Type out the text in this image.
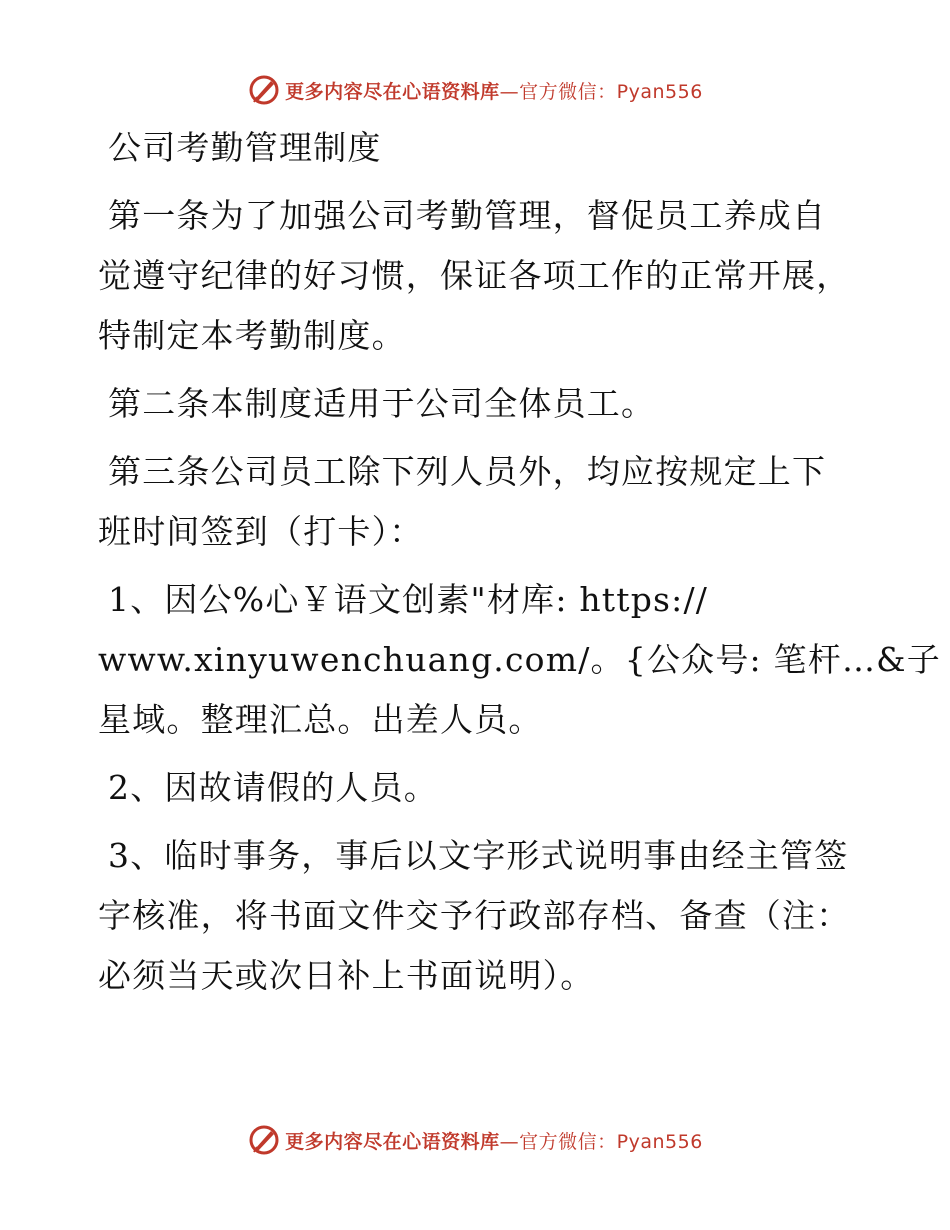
更多内容尽在心语资料库—官方微信：Pyan556
公司考勤管理制度
第一条为了加强公司考勤管理，督促员工养成自
觉遵守纪律的好习惯，保证各项工作的正常开展，
特制定本考勤制度。
第二条本制度适用于公司全体员工。
第三条公司员工除下列人员外，均应按规定上下
班时间签到（打卡）：
1、因公%心￥语文创素"材库: https://
www.xinyuwenchuang.com/。{公众号: 笔杆…&子
星域。整理汇总。出差人员。
2、因故请假的人员。
3、临时事务，事后以文字形式说明事由经主管签
字核准，将书面文件交予行政部存档、备查（注：
必须当天或次日补上书面说明）。
更多内容尽在心语资料库—官方微信：Pyan556
